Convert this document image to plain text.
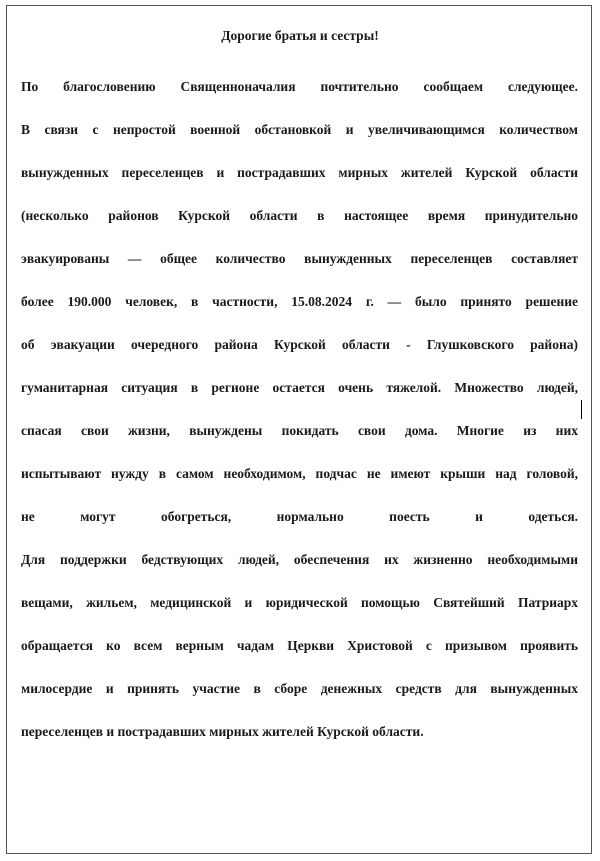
Дорогие братья и сестры!
По благословению Священноначалия почтительно сообщаем следующее.
В связи с непростой военной обстановкой и увеличивающимся количеством
вынужденных переселенцев и пострадавших мирных жителей Курской области
(несколько районов Курской области в настоящее время принудительно
эвакуированы — общее количество вынужденных переселенцев составляет
более 190.000 человек, в частности, 15.08.2024 г. — было принято решение
об эвакуации очередного района Курской области - Глушковского района)
гуманитарная ситуация в регионе остается очень тяжелой. Множество людей,
спасая свои жизни, вынуждены покидать свои дома. Многие из них
испытывают нужду в самом необходимом, подчас не имеют крыши над головой,
не могут обогреться, нормально поесть и одеться.
Для поддержки бедствующих людей, обеспечения их жизненно необходимыми
вещами, жильем, медицинской и юридической помощью Святейший Патриарх
обращается ко всем верным чадам Церкви Христовой с призывом проявить
милосердие и принять участие в сборе денежных средств для вынужденных
переселенцев и пострадавших мирных жителей Курской области.
